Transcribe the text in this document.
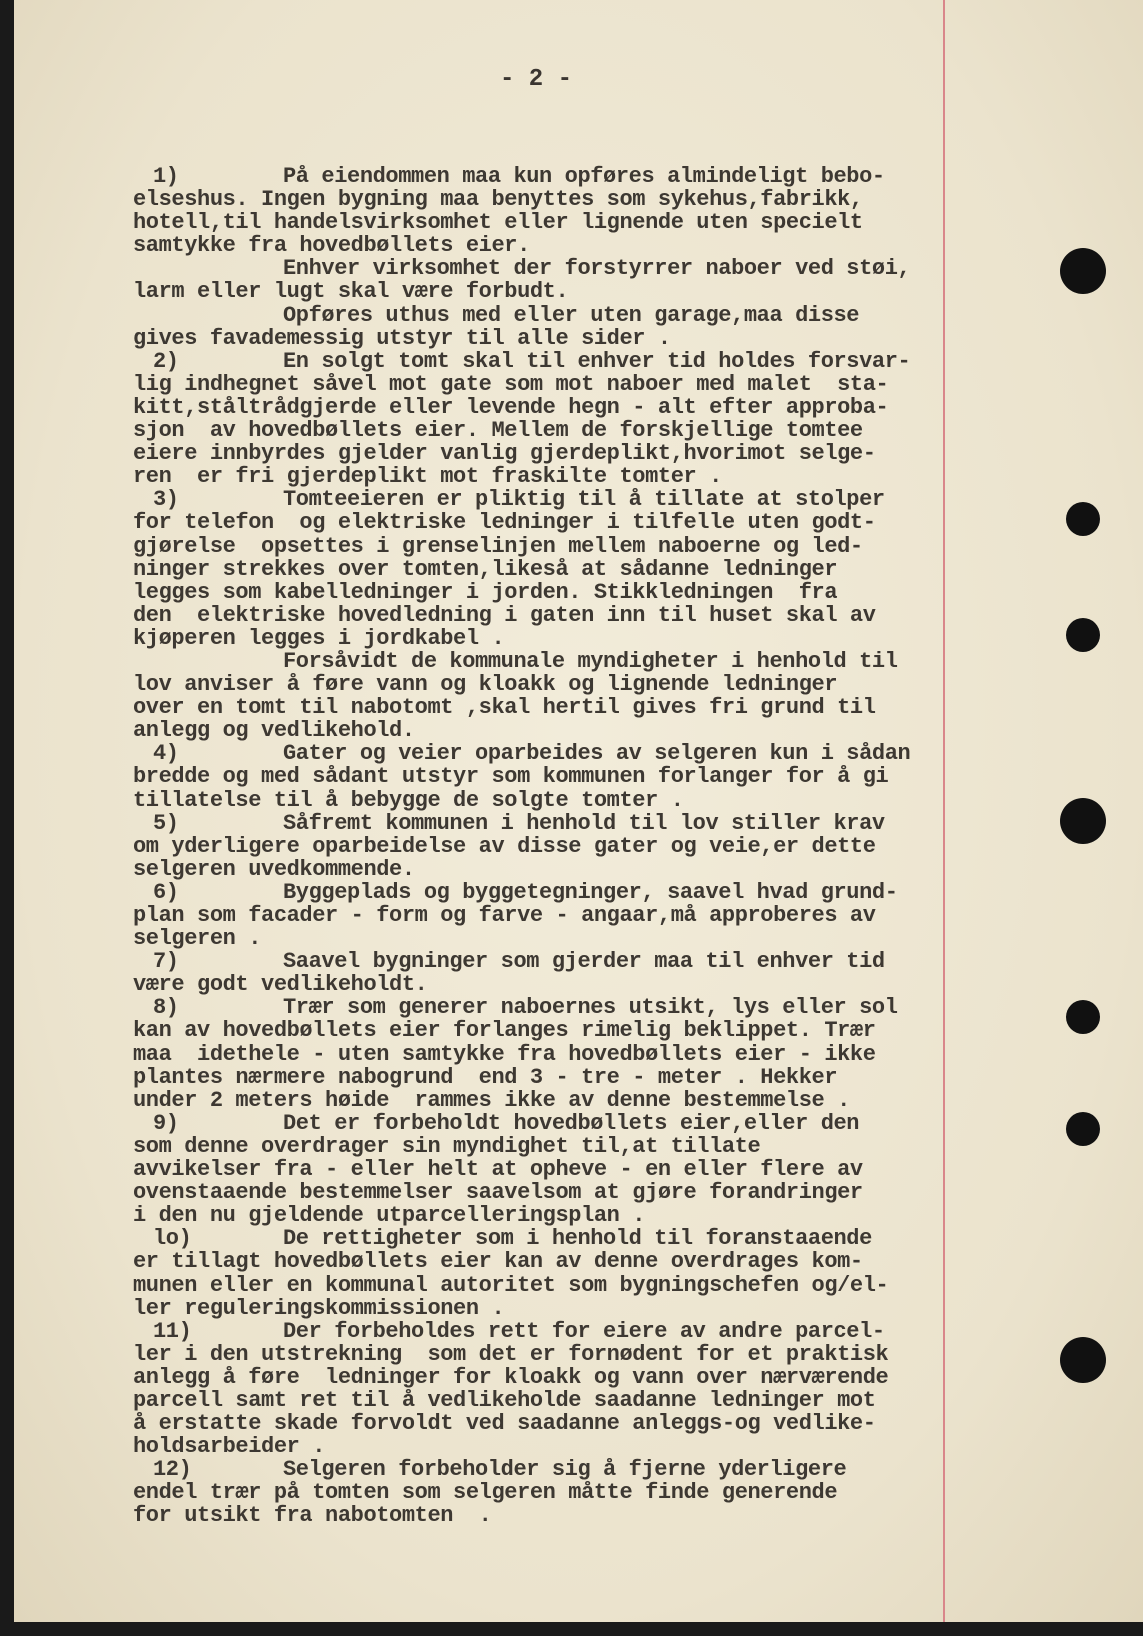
- 2 -
1)	På eiendommen maa kun opføres almindeligt bebo-
elseshus. Ingen bygning maa benyttes som sykehus,fabrikk,
hotell,til handelsvirksomhet eller lignende uten specielt
samtykke fra hovedbøllets eier.
Enhver virksomhet der forstyrrer naboer ved støi,
larm eller lugt skal være forbudt.
Opføres uthus med eller uten garage,maa disse
gives favademessig utstyr til alle sider .
2)	En solgt tomt skal til enhver tid holdes forsvar-
lig indhegnet såvel mot gate som mot naboer med malet  sta-
kitt,ståltrådgjerde eller levende hegn - alt efter approba-
sjon  av hovedbøllets eier. Mellem de forskjellige tomtee
eiere innbyrdes gjelder vanlig gjerdeplikt,hvorimot selge-
ren  er fri gjerdeplikt mot fraskilte tomter .
3)	Tomteeieren er pliktig til å tillate at stolper
for telefon  og elektriske ledninger i tilfelle uten godt-
gjørelse  opsettes i grenselinjen mellem naboerne og led-
ninger strekkes over tomten,likeså at sådanne ledninger
legges som kabelledninger i jorden. Stikkledningen  fra
den  elektriske hovedledning i gaten inn til huset skal av
kjøperen legges i jordkabel .
Forsåvidt de kommunale myndigheter i henhold til
lov anviser å føre vann og kloakk og lignende ledninger
over en tomt til nabotomt ,skal hertil gives fri grund til
anlegg og vedlikehold.
4)	Gater og veier oparbeides av selgeren kun i sådan
bredde og med sådant utstyr som kommunen forlanger for å gi
tillatelse til å bebygge de solgte tomter .
5)	Såfremt kommunen i henhold til lov stiller krav
om yderligere oparbeidelse av disse gater og veie,er dette
selgeren uvedkommende.
6)	Byggeplads og byggetegninger, saavel hvad grund-
plan som facader - form og farve - angaar,må approberes av
selgeren .
7)	Saavel bygninger som gjerder maa til enhver tid
være godt vedlikeholdt.
8)	Trær som generer naboernes utsikt, lys eller sol
kan av hovedbøllets eier forlanges rimelig beklippet. Trær
maa  idethele - uten samtykke fra hovedbøllets eier - ikke
plantes nærmere nabogrund  end 3 - tre - meter . Hekker
under 2 meters høide  rammes ikke av denne bestemmelse .
9)	Det er forbeholdt hovedbøllets eier,eller den
som denne overdrager sin myndighet til,at tillate
avvikelser fra - eller helt at opheve - en eller flere av
ovenstaaende bestemmelser saavelsom at gjøre forandringer
i den nu gjeldende utparcelleringsplan .
lo)	De rettigheter som i henhold til foranstaaende
er tillagt hovedbøllets eier kan av denne overdrages kom-
munen eller en kommunal autoritet som bygningschefen og/el-
ler reguleringskommissionen .
11)	Der forbeholdes rett for eiere av andre parcel-
ler i den utstrekning  som det er fornødent for et praktisk
anlegg å føre  ledninger for kloakk og vann over nærværende
parcell samt ret til å vedlikeholde saadanne ledninger mot
å erstatte skade forvoldt ved saadanne anleggs-og vedlike-
holdsarbeider .
12)	Selgeren forbeholder sig å fjerne yderligere
endel trær på tomten som selgeren måtte finde generende
for utsikt fra nabotomten  .
